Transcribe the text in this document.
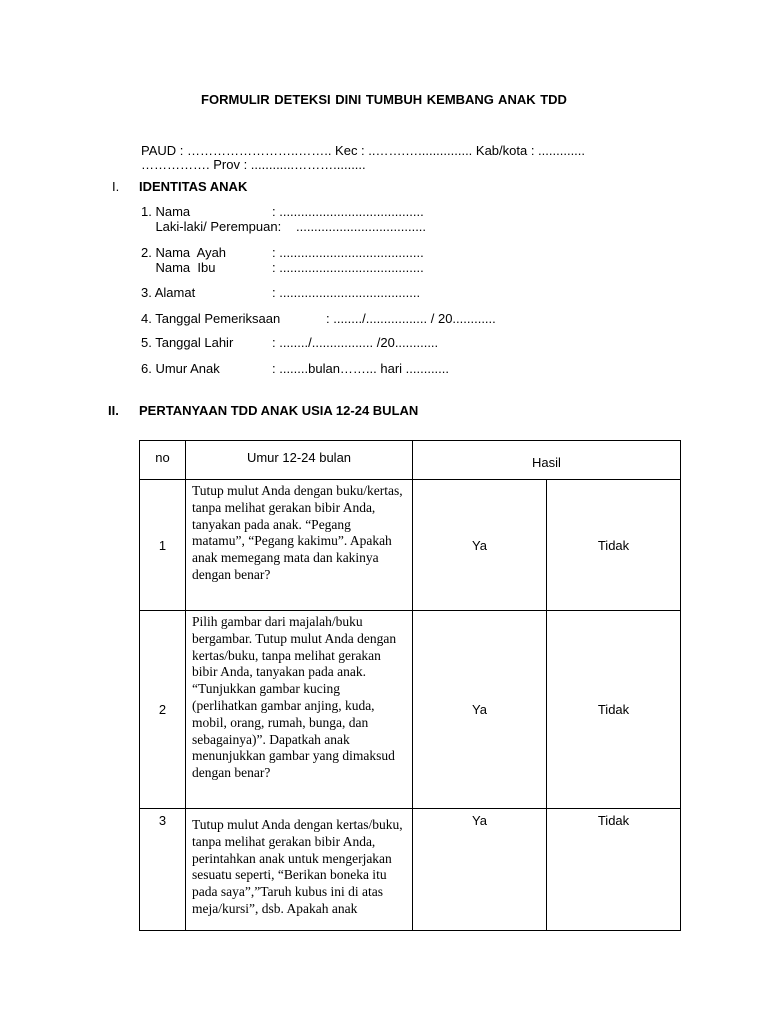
FORMULIR DETEKSI DINI TUMBUH KEMBANG ANAK TDD
PAUD : ……………………..…….. Kec : ..…….…............... Kab/kota : .............
……………. Prov : ............……….........
I. IDENTITAS ANAK
1. Nama	: ........................................
Laki-laki/ Perempuan: ....................................
2. Nama  Ayah	: ........................................
Nama  Ibu	: ........................................
3. Alamat	: .......................................
4. Tanggal Pemeriksaan	: ......../................. / 20............
5. Tanggal Lahir	: ......../................. /20............
6. Umur Anak	: ........bulan……... hari ............
II. PERTANYAAN TDD ANAK USIA 12-24 BULAN
no	Umur 12-24 bulan	Hasil	
1	Tutup mulut Anda dengan buku/kertas, tanpa melihat gerakan bibir Anda, tanyakan pada anak. “Pegang matamu”, “Pegang kakimu”. Apakah anak memegang mata dan kakinya dengan benar?	Ya	Tidak
2	Pilih gambar dari majalah/buku bergambar. Tutup mulut Anda dengan kertas/buku, tanpa melihat gerakan bibir Anda, tanyakan pada anak. “Tunjukkan gambar kucing (perlihatkan gambar anjing, kuda, mobil, orang, rumah, bunga, dan sebagainya)”. Dapatkah anak menunjukkan gambar yang dimaksud dengan benar?	Ya	Tidak
3	Tutup mulut Anda dengan kertas/buku, tanpa melihat gerakan bibir Anda, perintahkan anak untuk mengerjakan sesuatu seperti, “Berikan boneka itu pada saya”,”Taruh kubus ini di atas meja/kursi”, dsb. Apakah anak	Ya	Tidak
